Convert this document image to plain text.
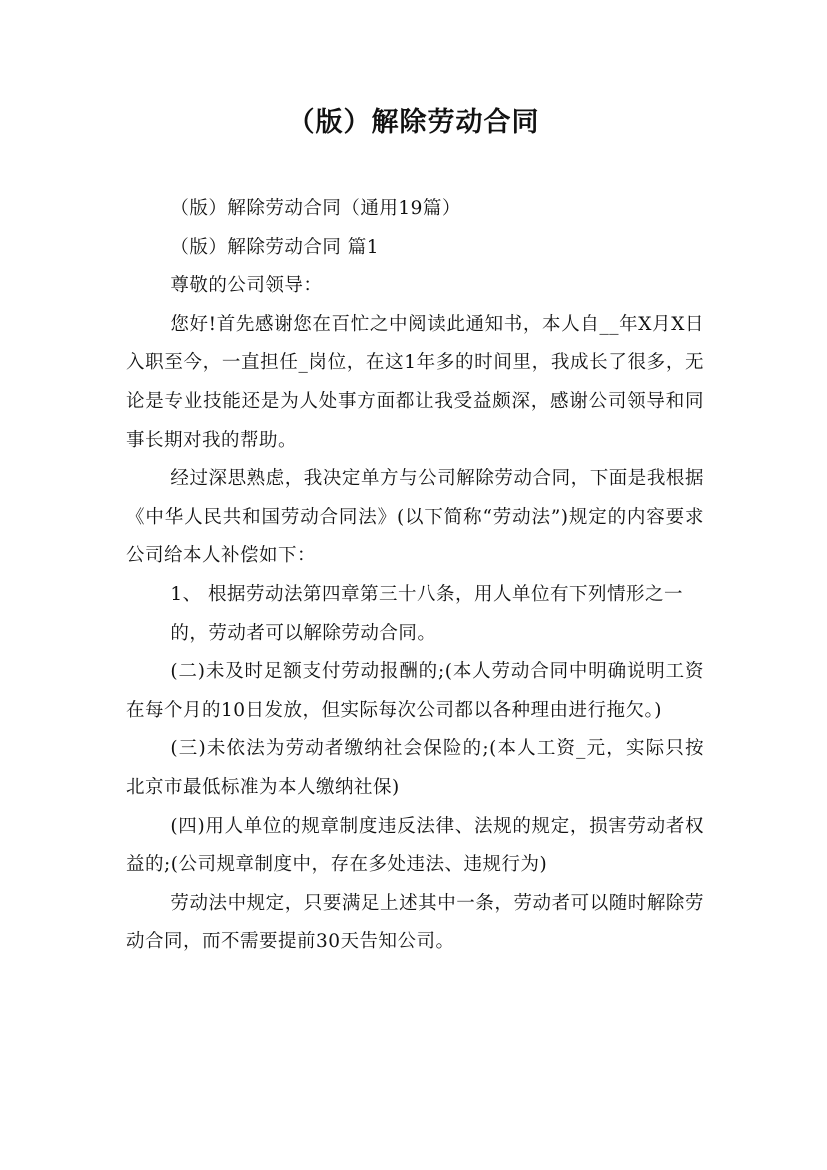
（版）解除劳动合同

（版）解除劳动合同（通用19篇）

（版）解除劳动合同 篇1

尊敬的公司领导：

您好!首先感谢您在百忙之中阅读此通知书，本人自__年X月X日入职至今，一直担任_岗位，在这1年多的时间里，我成长了很多，无论是专业技能还是为人处事方面都让我受益颇深，感谢公司领导和同事长期对我的帮助。

经过深思熟虑，我决定单方与公司解除劳动合同，下面是我根据《中华人民共和国劳动合同法》(以下简称“劳动法”)规定的内容要求公司给本人补偿如下：

1、 根据劳动法第四章第三十八条，用人单位有下列情形之一

的，劳动者可以解除劳动合同。

(二)未及时足额支付劳动报酬的;(本人劳动合同中明确说明工资在每个月的10日发放，但实际每次公司都以各种理由进行拖欠。)

(三)未依法为劳动者缴纳社会保险的;(本人工资_元，实际只按北京市最低标准为本人缴纳社保)

(四)用人单位的规章制度违反法律、法规的规定，损害劳动者权益的;(公司规章制度中，存在多处违法、违规行为)

劳动法中规定，只要满足上述其中一条，劳动者可以随时解除劳动合同，而不需要提前30天告知公司。
